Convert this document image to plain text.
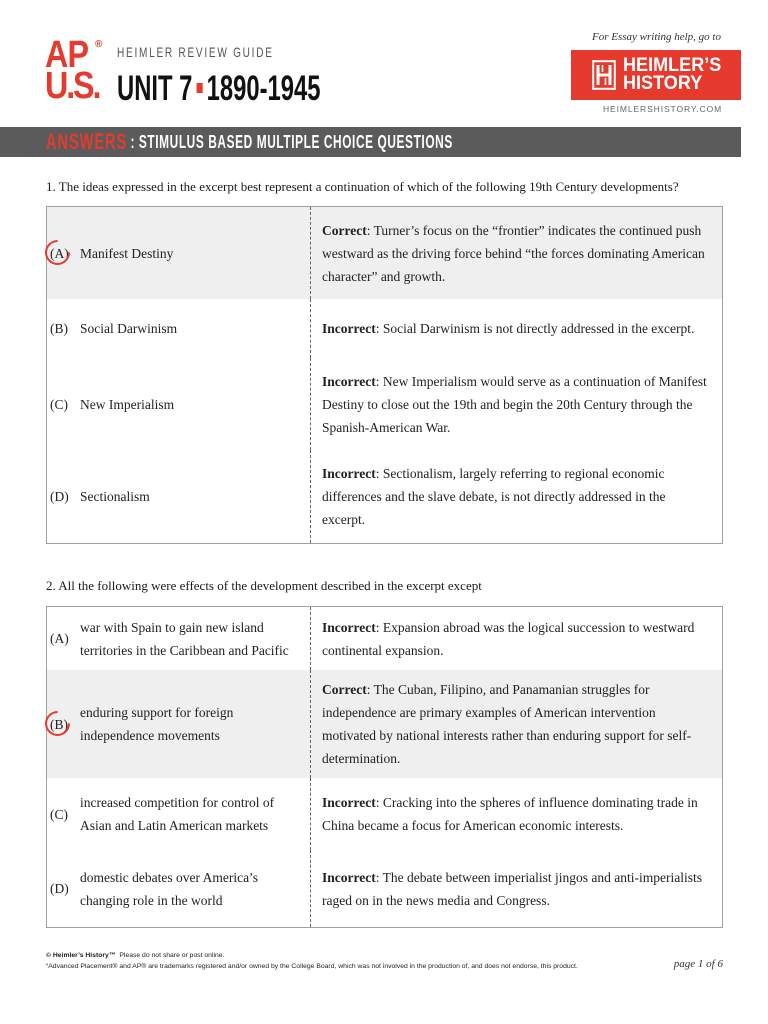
AP ®
U.S.
HEIMLER REVIEW GUIDE
UNIT 7 1890-1945
For Essay writing help, go to
HEIMLER’S
HISTORY
HEIMLERSHISTORY.COM
ANSWERS : STIMULUS BASED MULTIPLE CHOICE QUESTIONS
1. The ideas expressed in the excerpt best represent a continuation of which of the following 19th Century developments?
(A) Manifest Destiny
Correct: Turner’s focus on the “frontier” indicates the continued push westward as the driving force behind “the forces dominating American character” and growth.
(B) Social Darwinism	Incorrect: Social Darwinism is not directly addressed in the excerpt.
(C) New Imperialism
Incorrect: New Imperialism would serve as a continuation of Manifest Destiny to close out the 19th and begin the 20th Century through the Spanish-American War.
(D) Sectionalism
Incorrect: Sectionalism, largely referring to regional economic differences and the slave debate, is not directly addressed in the excerpt.
2. All the following were effects of the development described in the excerpt except
(A)
war with Spain to gain new island territories in the Caribbean and Pacific
Incorrect: Expansion abroad was the logical succession to westward continental expansion.
(B)
enduring support for foreign independence movements
Correct: The Cuban, Filipino, and Panamanian struggles for independence are primary examples of American intervention motivated by national interests rather than enduring support for self-determination.
(C)
increased competition for control of Asian and Latin American markets
Incorrect: Cracking into the spheres of influence dominating trade in China became a focus for American economic interests.
(D)
domestic debates over America’s changing role in the world
Incorrect: The debate between imperialist jingos and anti-imperialists raged on in the news media and Congress.
© Heimler’s History™ Please do not share or post online.
“Advanced Placement® and AP® are trademarks registered and/or owned by the College Board, which was not involved in the production of, and does not endorse, this product.	page 1 of 6
